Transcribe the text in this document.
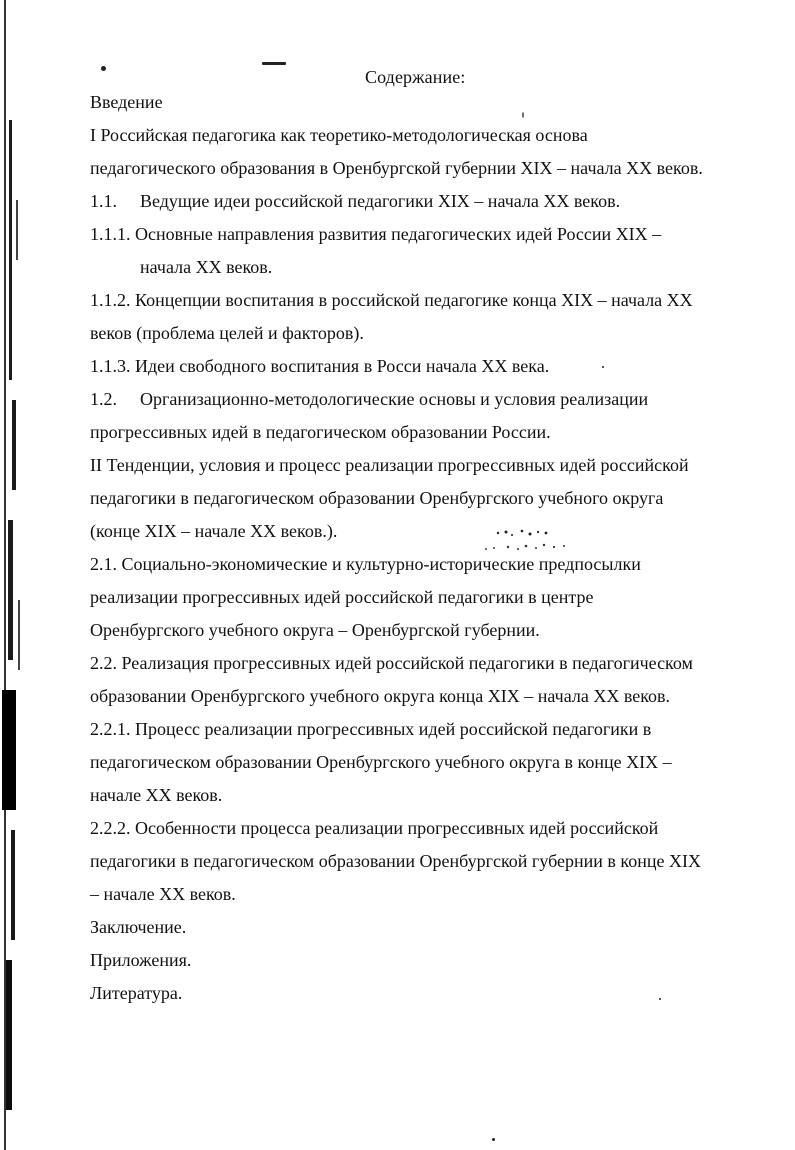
Содержание:
Введение
I Российская педагогика как теоретико-методологическая основа
педагогического образования в Оренбургской губернии XIX – начала XX веков.
1.1. Ведущие идеи российской педагогики XIX – начала XX веков.
1.1.1. Основные направления развития педагогических идей России XIX –
начала XX веков.
1.1.2. Концепции воспитания в российской педагогике конца XIX – начала XX
веков (проблема целей и факторов).
1.1.3. Идеи свободного воспитания в Росси начала XX века.
1.2. Организационно-методологические основы и условия реализации
прогрессивных идей в педагогическом образовании России.
II Тенденции, условия и процесс реализации прогрессивных идей российской
педагогики в педагогическом образовании Оренбургского учебного округа
(конце XIX – начале XX веков.).
2.1. Социально-экономические и культурно-исторические предпосылки
реализации прогрессивных идей российской педагогики в центре
Оренбургского учебного округа – Оренбургской губернии.
2.2. Реализация прогрессивных идей российской педагогики в педагогическом
образовании Оренбургского учебного округа конца XIX – начала XX веков.
2.2.1. Процесс реализации прогрессивных идей российской педагогики в
педагогическом образовании Оренбургского учебного округа в конце XIX –
начале XX веков.
2.2.2. Особенности процесса реализации прогрессивных идей российской
педагогики в педагогическом образовании Оренбургской губернии в конце XIX
– начале XX веков.
Заключение.
Приложения.
Литература.
